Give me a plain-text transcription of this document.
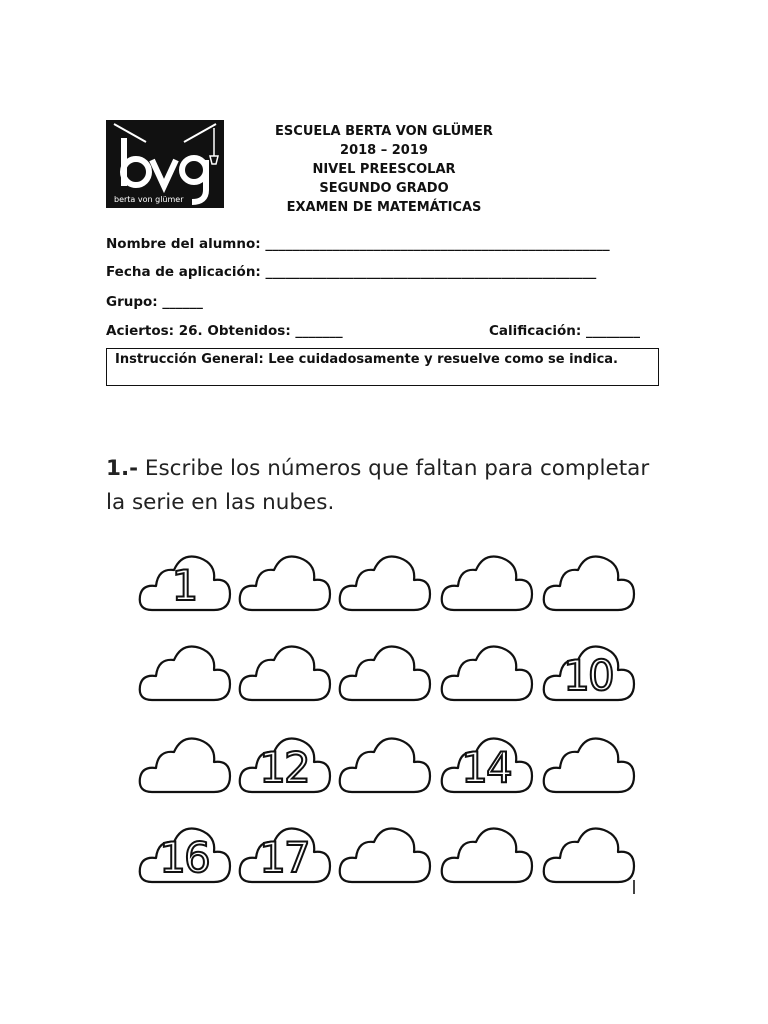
berta von glümer
ESCUELA BERTA VON GLÜMER
2018 – 2019
NIVEL PREESCOLAR
SEGUNDO GRADO
EXAMEN DE MATEMÁTICAS
Nombre del alumno: ___________________________________________________
Fecha de aplicación: _________________________________________________
Grupo: ______
Aciertos: 26. Obtenidos: _______	Calificación: ________
Instrucción General: Lee cuidadosamente y resuelve como se indica.
1.- Escribe los números que faltan para completar la serie en las nubes.
1
10
12	14
16	17
